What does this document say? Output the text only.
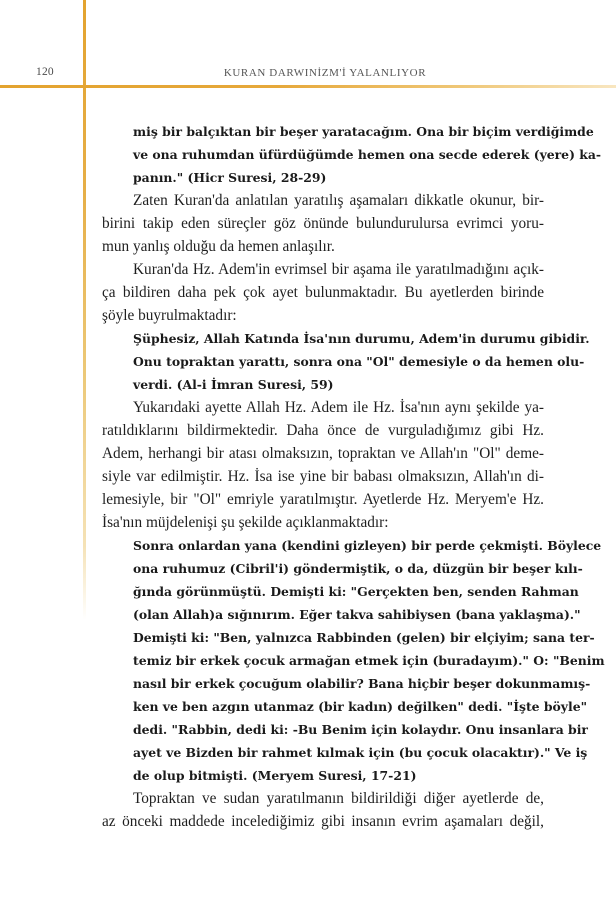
120	KURAN DARWINİZM'İ YALANLIYOR
miş bir balçıktan bir beşer yaratacağım. Ona bir biçim verdiğimde
ve ona ruhumdan üfürdüğümde hemen ona secde ederek (yere) ka-
panın." (Hicr Suresi, 28-29)
Zaten Kuran'da anlatılan yaratılış aşamaları dikkatle okunur, bir-
birini takip eden süreçler göz önünde bulundurulursa evrimci yoru-
mun yanlış olduğu da hemen anlaşılır.
Kuran'da Hz. Adem'in evrimsel bir aşama ile yaratılmadığını açık-
ça bildiren daha pek çok ayet bulunmaktadır. Bu ayetlerden birinde
şöyle buyrulmaktadır:
Şüphesiz, Allah Katında İsa'nın durumu, Adem'in durumu gibidir.
Onu topraktan yarattı, sonra ona "Ol" demesiyle o da hemen olu-
verdi. (Al-i İmran Suresi, 59)
Yukarıdaki ayette Allah Hz. Adem ile Hz. İsa'nın aynı şekilde ya-
ratıldıklarını bildirmektedir. Daha önce de vurguladığımız gibi Hz.
Adem, herhangi bir atası olmaksızın, topraktan ve Allah'ın "Ol" deme-
siyle var edilmiştir. Hz. İsa ise yine bir babası olmaksızın, Allah'ın di-
lemesiyle, bir "Ol" emriyle yaratılmıştır. Ayetlerde Hz. Meryem'e Hz.
İsa'nın müjdelenişi şu şekilde açıklanmaktadır:
Sonra onlardan yana (kendini gizleyen) bir perde çekmişti. Böylece
ona ruhumuz (Cibril'i) göndermiştik, o da, düzgün bir beşer kılı-
ğında görünmüştü. Demişti ki: "Gerçekten ben, senden Rahman
(olan Allah)a sığınırım. Eğer takva sahibiysen (bana yaklaşma)."
Demişti ki: "Ben, yalnızca Rabbinden (gelen) bir elçiyim; sana ter-
temiz bir erkek çocuk armağan etmek için (buradayım)." O: "Benim
nasıl bir erkek çocuğum olabilir? Bana hiçbir beşer dokunmamış-
ken ve ben azgın utanmaz (bir kadın) değilken" dedi. "İşte böyle"
dedi. "Rabbin, dedi ki: -Bu Benim için kolaydır. Onu insanlara bir
ayet ve Bizden bir rahmet kılmak için (bu çocuk olacaktır)." Ve iş
de olup bitmişti. (Meryem Suresi, 17-21)
Topraktan ve sudan yaratılmanın bildirildiği diğer ayetlerde de,
az önceki maddede incelediğimiz gibi insanın evrim aşamaları değil,
